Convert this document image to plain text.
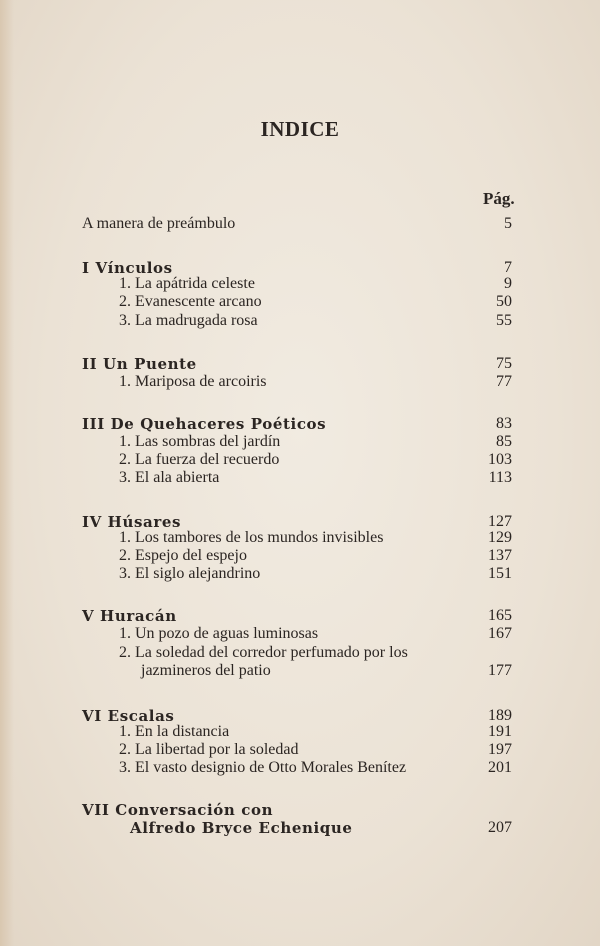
INDICE
Pág.
A manera de preámbulo	5
I Vínculos	7
1. La apátrida celeste	9
2. Evanescente arcano	50
3. La madrugada rosa	55
II Un Puente	75
1. Mariposa de arcoiris	77
III De Quehaceres Poéticos	83
1. Las sombras del jardín	85
2. La fuerza del recuerdo	103
3. El ala abierta	113
IV Húsares	127
1. Los tambores de los mundos invisibles	129
2. Espejo del espejo	137
3. El siglo alejandrino	151
V Huracán	165
1. Un pozo de aguas luminosas	167
2. La soledad del corredor perfumado por los
jazmineros del patio	177
VI Escalas	189
1. En la distancia	191
2. La libertad por la soledad	197
3. El vasto designio de Otto Morales Benítez	201
VII Conversación con
Alfredo Bryce Echenique	207
